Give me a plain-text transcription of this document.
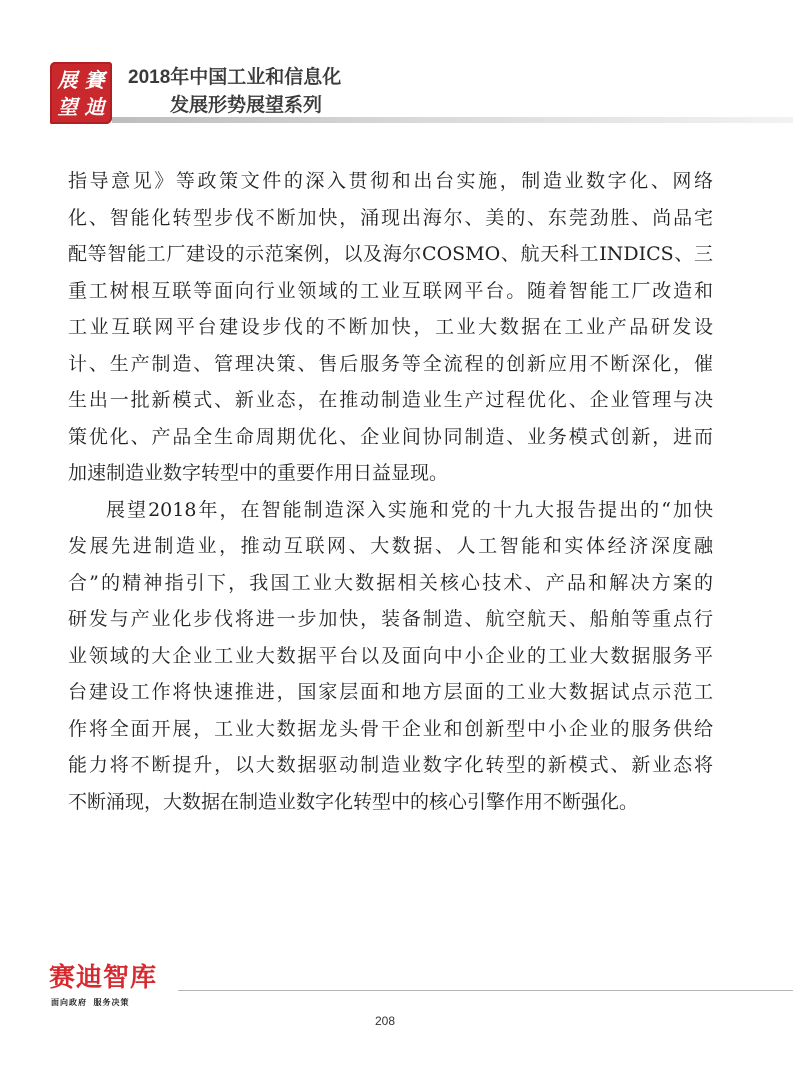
展 賽
望 迪
2018年中国工业和信息化
发展形势展望系列
指导意见》等政策文件的深入贯彻和出台实施，制造业数字化、网络
化、智能化转型步伐不断加快，涌现出海尔、美的、东莞劲胜、尚品宅
配等智能工厂建设的示范案例，以及海尔COSMO、航天科工INDICS、三
重工树根互联等面向行业领域的工业互联网平台。随着智能工厂改造和
工业互联网平台建设步伐的不断加快，工业大数据在工业产品研发设
计、生产制造、管理决策、售后服务等全流程的创新应用不断深化，催
生出一批新模式、新业态，在推动制造业生产过程优化、企业管理与决
策优化、产品全生命周期优化、企业间协同制造、业务模式创新，进而
加速制造业数字转型中的重要作用日益显现。
展望2018年，在智能制造深入实施和党的十九大报告提出的“加快
发展先进制造业，推动互联网、大数据、人工智能和实体经济深度融
合”的精神指引下，我国工业大数据相关核心技术、产品和解决方案的
研发与产业化步伐将进一步加快，装备制造、航空航天、船舶等重点行
业领域的大企业工业大数据平台以及面向中小企业的工业大数据服务平
台建设工作将快速推进，国家层面和地方层面的工业大数据试点示范工
作将全面开展，工业大数据龙头骨干企业和创新型中小企业的服务供给
能力将不断提升，以大数据驱动制造业数字化转型的新模式、新业态将
不断涌现，大数据在制造业数字化转型中的核心引擎作用不断强化。
赛迪智库
面向政府  服务决策
208
